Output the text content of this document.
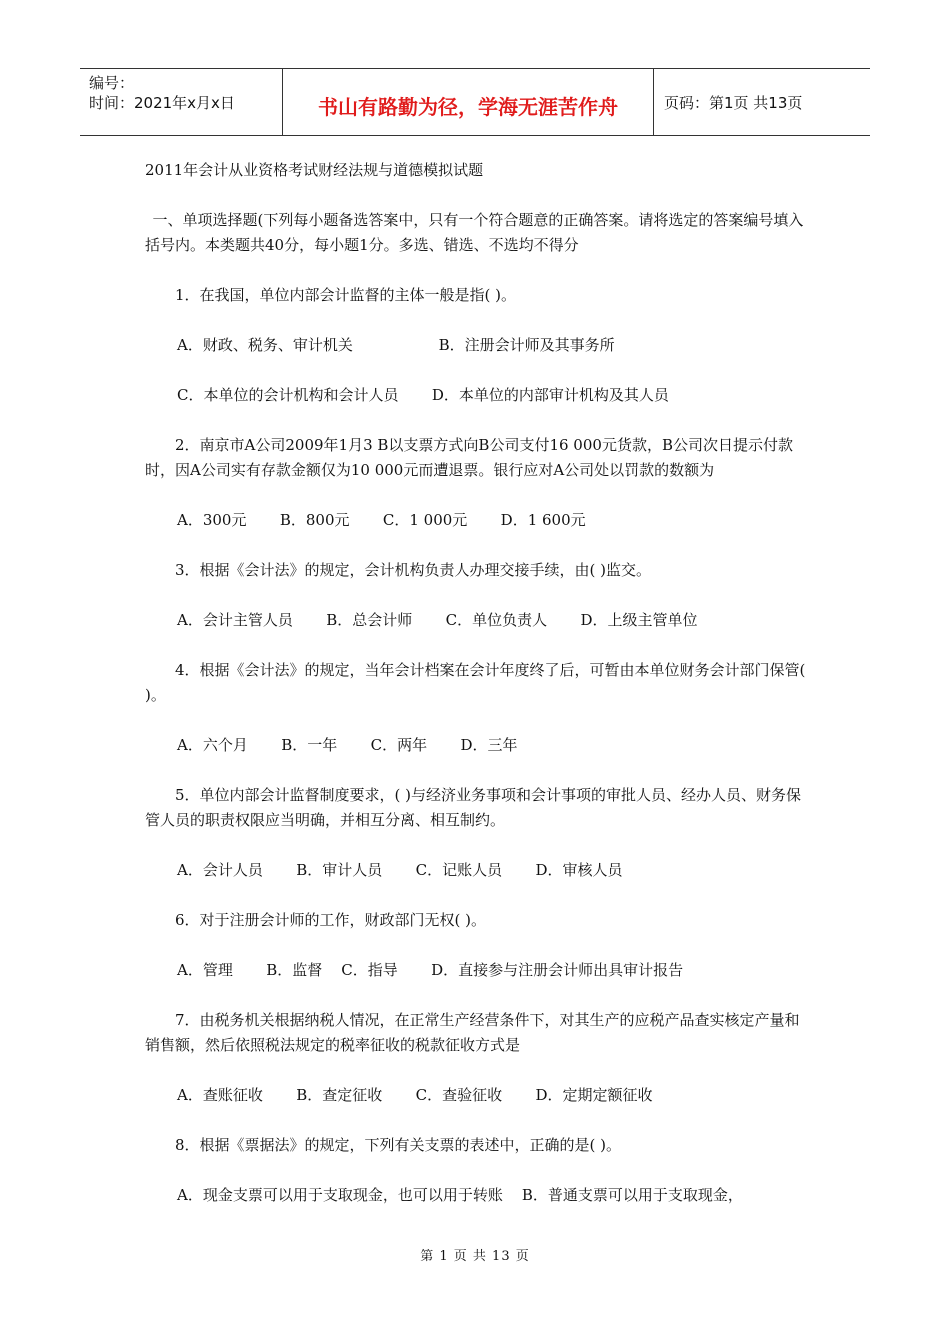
编号：
时间：2021年x月x日	书山有路勤为径，学海无涯苦作舟	页码：第1页 共13页

2011年会计从业资格考试财经法规与道德模拟试题

一、单项选择题(下列每小题备选答案中，只有一个符合题意的正确答案。请将选定的答案编号填入括号内。本类题共40分，每小题1分。多选、错选、不选均不得分

1．在我国，单位内部会计监督的主体一般是指( )。

A．财政、税务、审计机关                  B．注册会计师及其事务所

C．本单位的会计机构和会计人员       D．本单位的内部审计机构及其人员

2．南京市A公司2009年1月3 B以支票方式向B公司支付16 000元货款，B公司次日提示付款时，因A公司实有存款金额仅为10 000元而遭退票。银行应对A公司处以罚款的数额为

A．300元       B．800元       C．1 000元       D．1 600元

3．根据《会计法》的规定，会计机构负责人办理交接手续，由( )监交。

A．会计主管人员       B．总会计师       C．单位负责人       D．上级主管单位

4．根据《会计法》的规定，当年会计档案在会计年度终了后，可暂由本单位财务会计部门保管( )。

A．六个月       B．一年       C．两年       D．三年

5．单位内部会计监督制度要求，( )与经济业务事项和会计事项的审批人员、经办人员、财务保管人员的职责权限应当明确，并相互分离、相互制约。

A．会计人员       B．审计人员       C．记账人员       D．审核人员

6．对于注册会计师的工作，财政部门无权( )。

A．管理       B．监督    C．指导       D．直接参与注册会计师出具审计报告

7．由税务机关根据纳税人情况，在正常生产经营条件下，对其生产的应税产品查实核定产量和销售额，然后依照税法规定的税率征收的税款征收方式是

A．查账征收       B．查定征收       C．查验征收       D．定期定额征收

8．根据《票据法》的规定，下列有关支票的表述中，正确的是( )。

A．现金支票可以用于支取现金，也可以用于转账    B．普通支票可以用于支取现金，

第 1 页 共 13 页
